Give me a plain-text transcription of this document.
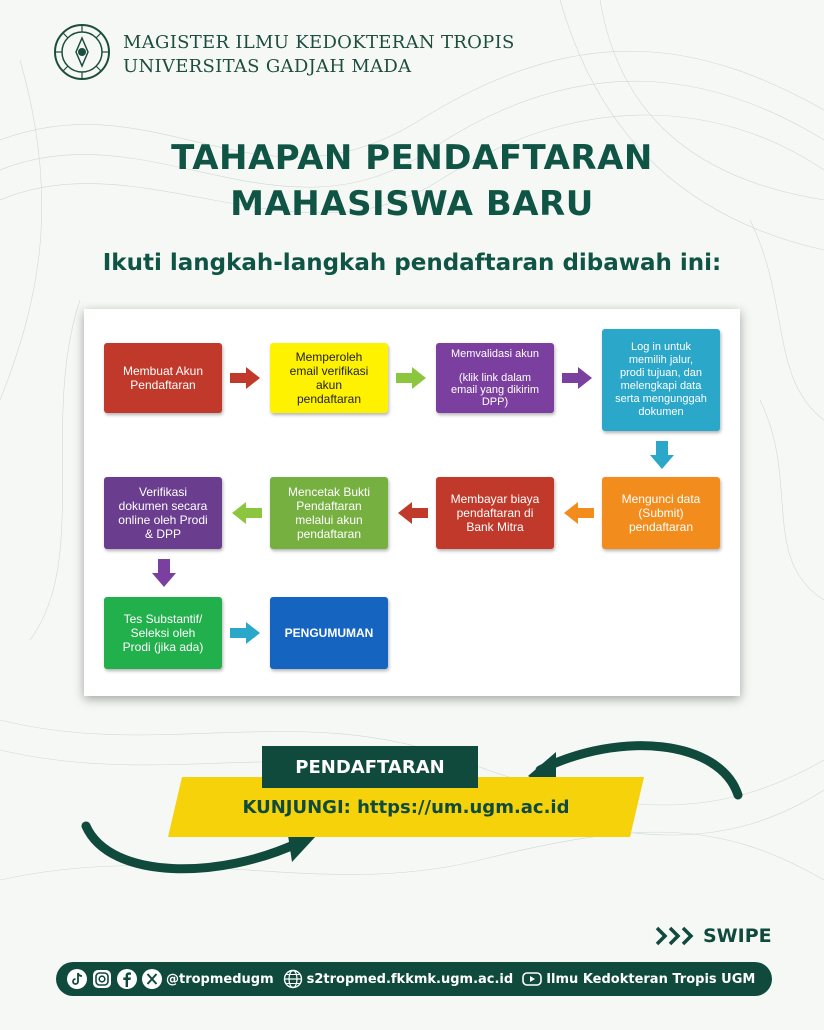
MAGISTER ILMU KEDOKTERAN TROPIS
UNIVERSITAS GADJAH MADA
TAHAPAN PENDAFTARAN
MAHASISWA BARU
Ikuti langkah-langkah pendaftaran dibawah ini:
Membuat Akun
Pendaftaran
Memperoleh
email verifikasi
akun
pendaftaran
Memvalidasi akun

(klik link dalam
email yang dikirim
DPP)
Log in untuk
memilih jalur,
prodi tujuan, dan
melengkapi data
serta mengunggah
dokumen
Mengunci data
(Submit)
pendaftaran
Membayar biaya
pendaftaran di
Bank Mitra
Mencetak Bukti
Pendaftaran
melalui akun
pendaftaran
Verifikasi
dokumen secara
online oleh Prodi
& DPP
Tes Substantif/
Seleksi oleh
Prodi (jika ada)
PENGUMUMAN
KUNJUNGI: https://um.ugm.ac.id
PENDAFTARAN
SWIPE
@tropmedugm	s2tropmed.fkkmk.ugm.ac.id	Ilmu Kedokteran Tropis UGM
